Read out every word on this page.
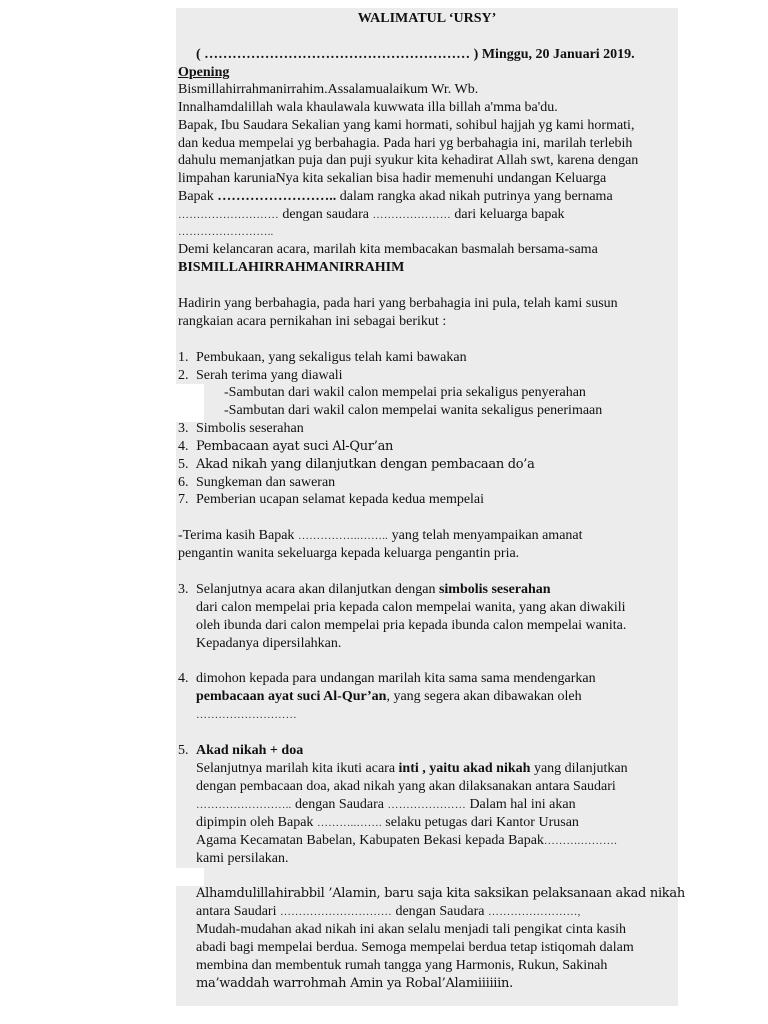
WALIMATUL ‘URSY’
( ………………………………………………… ) Minggu, 20 Januari 2019.
Opening
Bismillahirrahmanirrahim.Assalamualaikum Wr. Wb.
Innalhamdalillah wala khaulawala kuwwata illa billah a'mma ba'du.
Bapak, Ibu Saudara Sekalian yang kami hormati, sohibul hajjah yg kami hormati,
dan kedua mempelai yg berbahagia. Pada hari yg berbahagia ini, marilah terlebih
dahulu memanjatkan puja dan puji syukur kita kehadirat Allah swt, karena dengan
limpahan karuniaNya kita sekalian bisa hadir memenuhi undangan Keluarga
Bapak …………………….. dalam rangka akad nikah putrinya yang bernama
……………………… dengan saudara ………………… dari keluarga bapak
……………………..
Demi kelancaran acara, marilah kita membacakan basmalah bersama-sama
BISMILLAHIRRAHMANIRRAHIM
Hadirin yang berbahagia, pada hari yang berbahagia ini pula, telah kami susun
rangkaian acara pernikahan ini sebagai berikut :
1. Pembukaan, yang sekaligus telah kami bawakan
2. Serah terima yang diawali
-Sambutan dari wakil calon mempelai pria sekaligus penyerahan
-Sambutan dari wakil calon mempelai wanita sekaligus penerimaan
3. Simbolis seserahan
4. Pembacaan ayat suci Al-Qur’an
5. Akad nikah yang dilanjutkan dengan pembacaan do’a
6. Sungkeman dan saweran
7. Pemberian ucapan selamat kepada kedua mempelai
-Terima kasih Bapak ……………..…….. yang telah menyampaikan amanat
pengantin wanita sekeluarga kepada keluarga pengantin pria.
3. Selanjutnya acara akan dilanjutkan dengan simbolis seserahan
dari calon mempelai pria kepada calon mempelai wanita, yang akan diwakili
oleh ibunda dari calon mempelai pria kepada ibunda calon mempelai wanita.
Kepadanya dipersilahkan.
4. dimohon kepada para undangan marilah kita sama sama mendengarkan
pembacaan ayat suci Al-Qur’an, yang segera akan dibawakan oleh
………………………
5. Akad nikah + doa
Selanjutnya marilah kita ikuti acara inti , yaitu akad nikah yang dilanjutkan
dengan pembacaan doa, akad nikah yang akan dilaksanakan antara Saudari
…………………….. dengan Saudara ………………… Dalam hal ini akan
dipimpin oleh Bapak ………..……. selaku petugas dari Kantor Urusan
Agama Kecamatan Babelan, Kabupaten Bekasi kepada Bapak……….……….
kami persilakan.
Alhamdulillahirabbil ’Alamin, baru saja kita saksikan pelaksanaan akad nikah
antara Saudari ………………………… dengan Saudara ……………………,
Mudah-mudahan akad nikah ini akan selalu menjadi tali pengikat cinta kasih
abadi bagi mempelai berdua. Semoga mempelai berdua tetap istiqomah dalam
membina dan membentuk rumah tangga yang Harmonis, Rukun, Sakinah
ma’waddah warrohmah Amin ya Robal’Alamiiiiiin.
